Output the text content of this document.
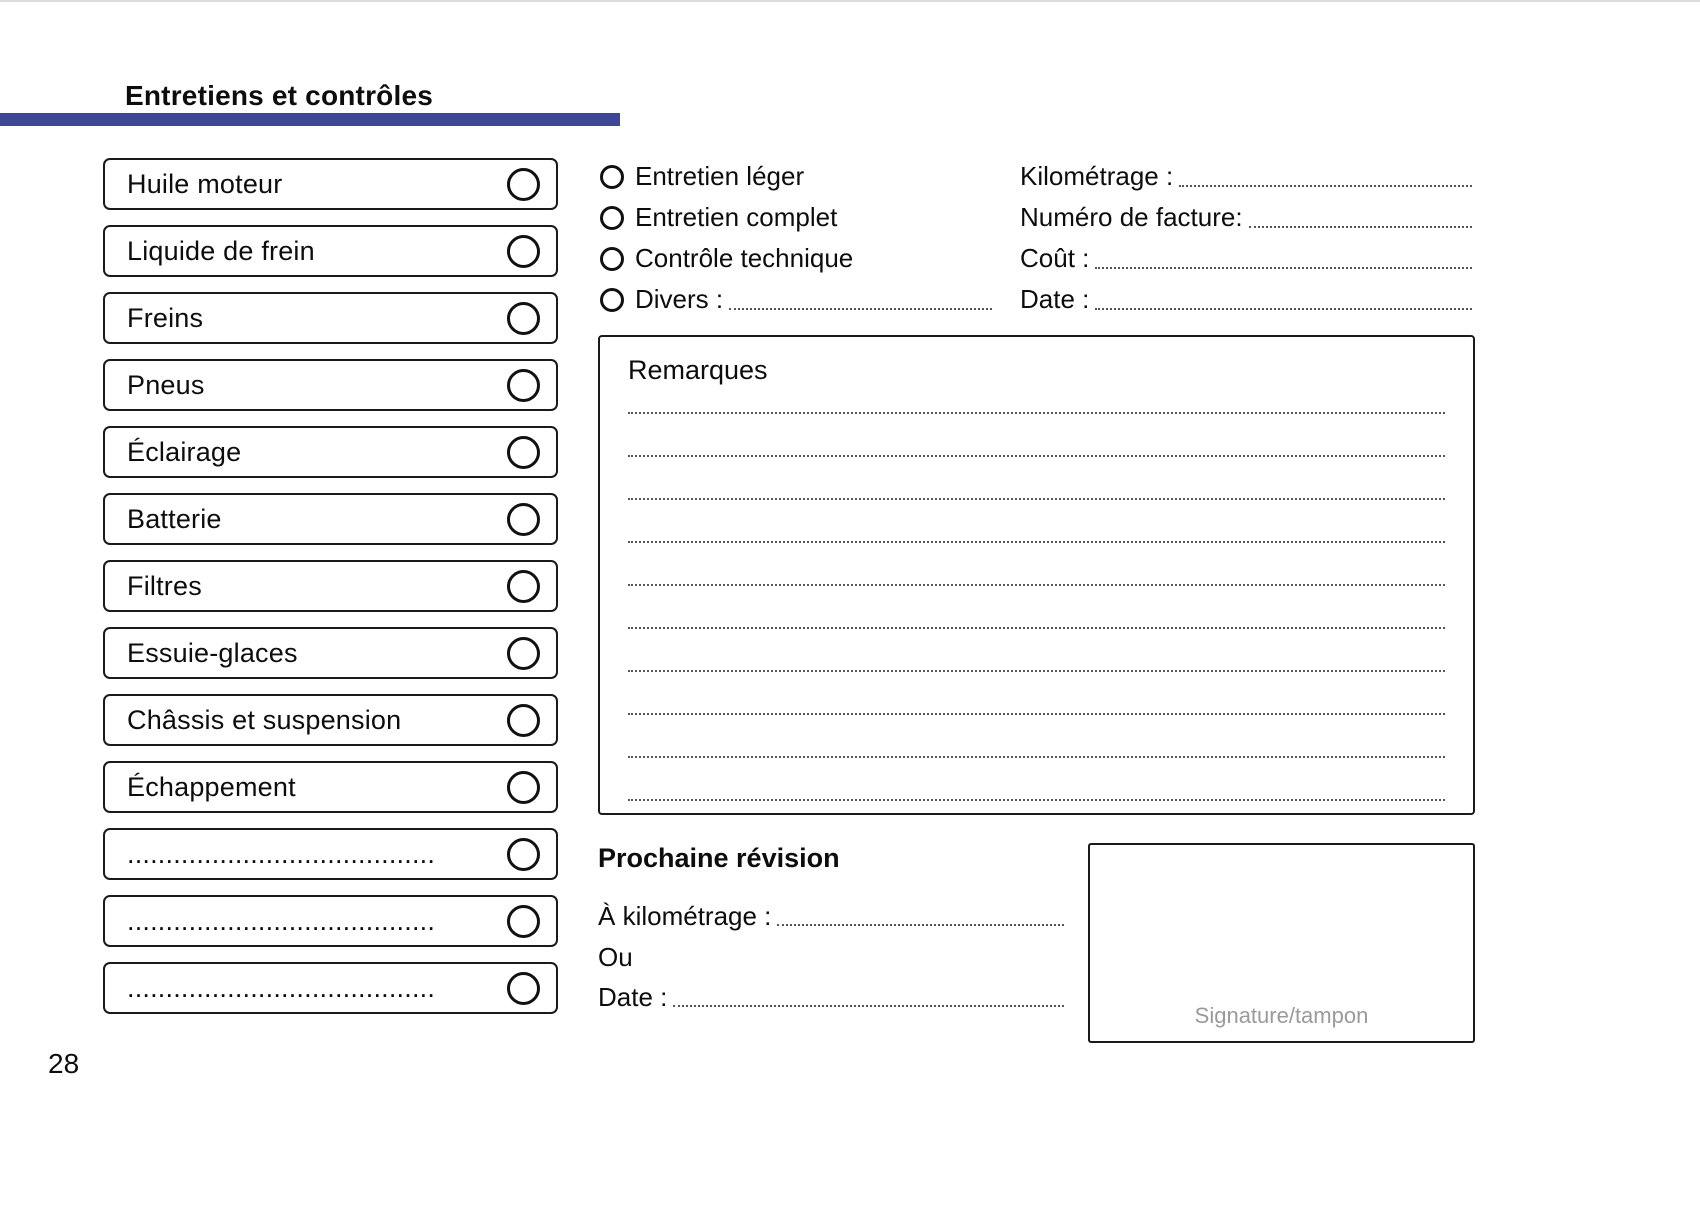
Entretiens et contrôles
Huile moteur
Liquide de frein
Freins
Pneus
Éclairage
Batterie
Filtres
Essuie-glaces
Châssis et suspension
Échappement
........................................
........................................
........................................
Entretien léger
Entretien complet
Contrôle technique
Divers :
Kilométrage :
Numéro de facture:
Coût :
Date :
Remarques
Prochaine révision
À kilométrage :
Ou
Date :
Signature/tampon
28
